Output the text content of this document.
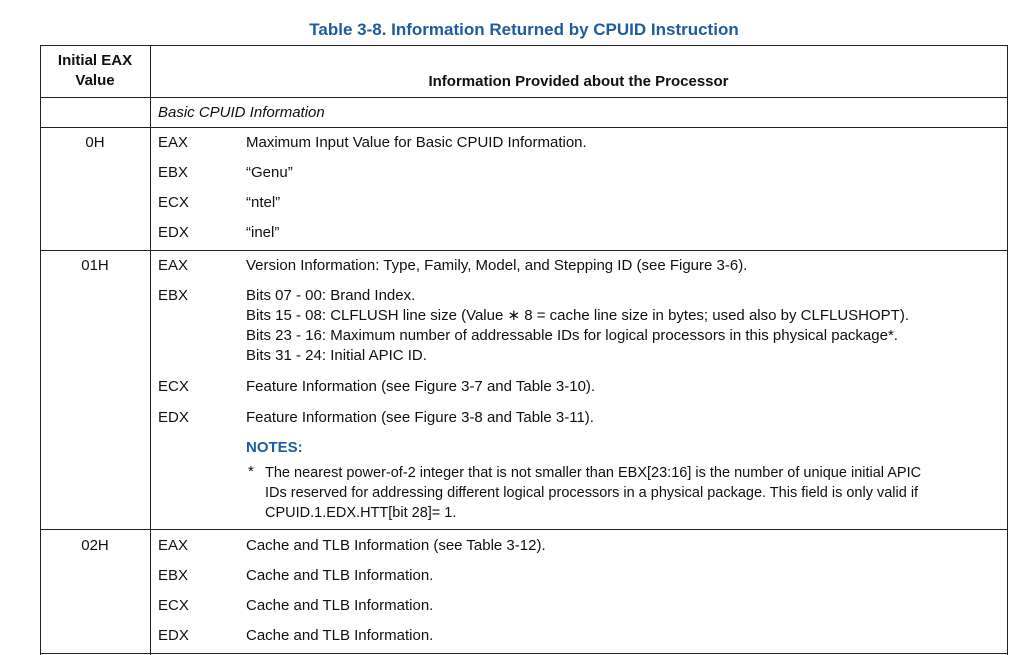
Table 3-8. Information Returned by CPUID Instruction
Initial EAX
Value	Information Provided about the Processor
Basic CPUID Information
0H	EAX	Maximum Input Value for Basic CPUID Information.
EBX	“Genu”
ECX	“ntel”
EDX	“inel”
01H	EAX	Version Information: Type, Family, Model, and Stepping ID (see Figure 3-6).
EBX	Bits 07 - 00: Brand Index.
Bits 15 - 08: CLFLUSH line size (Value ∗ 8 = cache line size in bytes; used also by CLFLUSHOPT).
Bits 23 - 16: Maximum number of addressable IDs for logical processors in this physical package*.
Bits 31 - 24: Initial APIC ID.
ECX	Feature Information (see Figure 3-7 and Table 3-10).
EDX	Feature Information (see Figure 3-8 and Table 3-11).
NOTES:
* The nearest power-of-2 integer that is not smaller than EBX[23:16] is the number of unique initial APIC
IDs reserved for addressing different logical processors in a physical package. This field is only valid if
CPUID.1.EDX.HTT[bit 28]= 1.
02H	EAX	Cache and TLB Information (see Table 3-12).
EBX	Cache and TLB Information.
ECX	Cache and TLB Information.
EDX	Cache and TLB Information.
